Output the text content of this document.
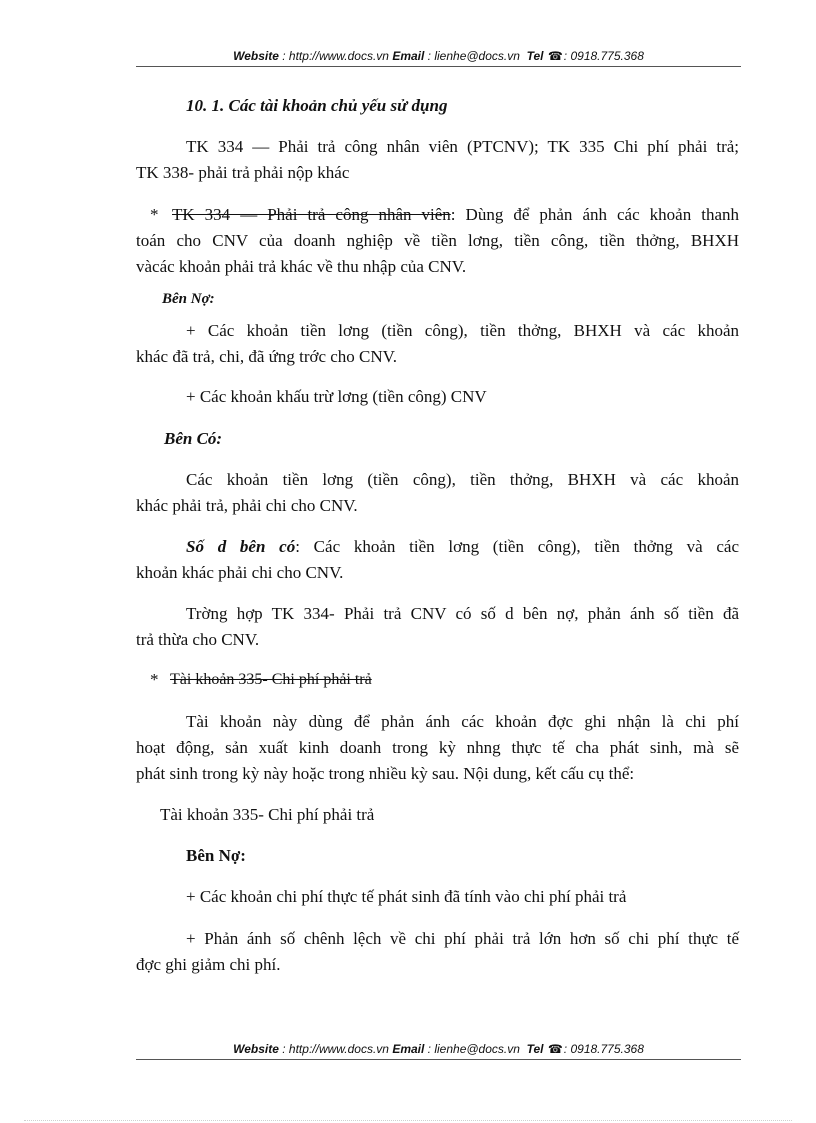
Website : http://www.docs.vn Email : lienhe@docs.vn Tel ☎: 0918.775.368
10. 1. Các tài khoản chủ yếu sử dụng
TK 334 — Phải trả công nhân viên (PTCNV); TK 335 Chi phí phải trả;
TK 338- phải trả phải nộp khác
* TK 334 — Phải trả công nhân viên: Dùng để phản ánh các khoản thanh
toán cho CNV của doanh nghiệp về tiền lơng, tiền công, tiền thởng, BHXH
vàcác khoản phải trả khác về thu nhập của CNV.
Bên Nợ:
+ Các khoản tiền lơng (tiền công), tiền thởng, BHXH và các khoản
khác đã trả, chi, đã ứng trớc cho CNV.
+ Các khoản khấu trừ lơng (tiền công) CNV
Bên Có:
Các khoản tiền lơng (tiền công), tiền thởng, BHXH và các khoản
khác phải trả, phải chi cho CNV.
Số d bên có: Các khoản tiền lơng (tiền công), tiền thởng và các
khoản khác phải chi cho CNV.
Trờng hợp TK 334- Phải trả CNV có số d bên nợ, phản ánh số tiền đã
trả thừa cho CNV.
* Tài khoản 335- Chi phí phải trả
Tài khoản này dùng để phản ánh các khoản đợc ghi nhận là chi phí
hoạt động, sản xuất kinh doanh trong kỳ nhng thực tế cha phát sinh, mà sẽ
phát sinh trong kỳ này hoặc trong nhiều kỳ sau. Nội dung, kết cấu cụ thể:
Tài khoản 335- Chi phí phải trả
Bên Nợ:
+ Các khoản chi phí thực tế phát sinh đã tính vào chi phí phải trả
+ Phản ánh số chênh lệch về chi phí phải trả lớn hơn số chi phí thực tế
đợc ghi giảm chi phí.
Website : http://www.docs.vn Email : lienhe@docs.vn Tel ☎: 0918.775.368
